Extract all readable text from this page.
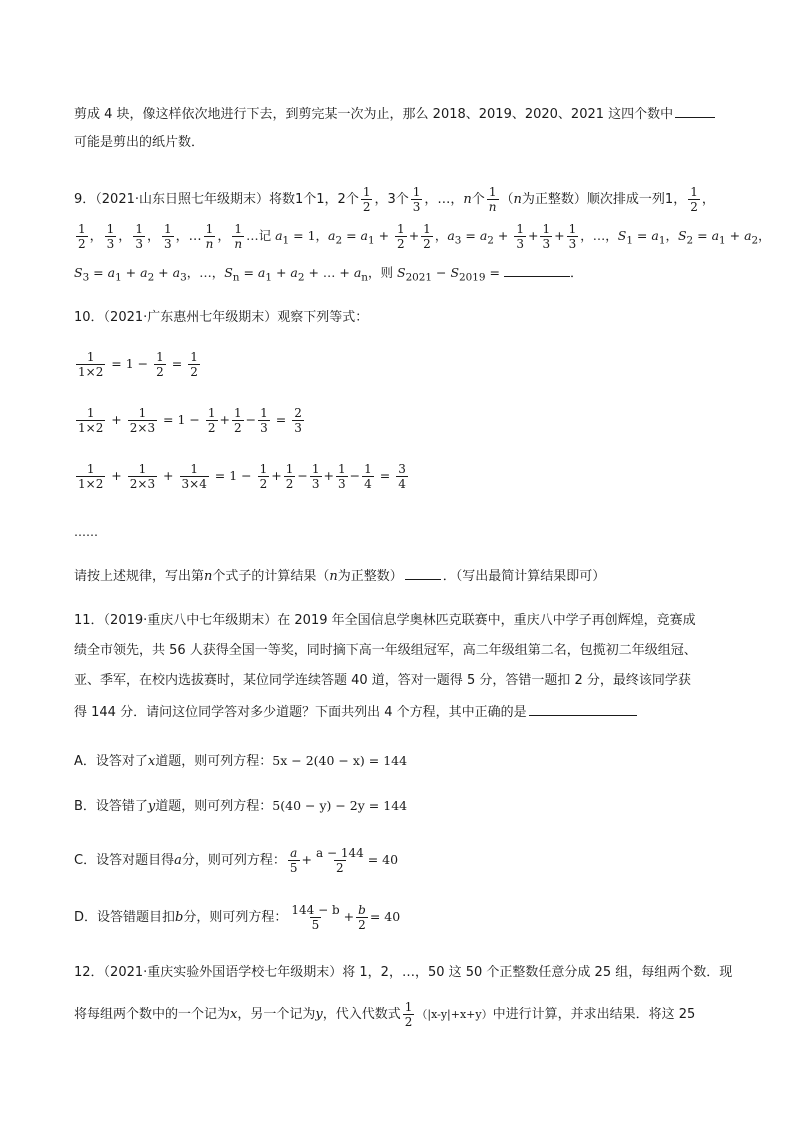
剪成 4 块，像这样依次地进行下去，到剪完某一次为止，那么 2018、2019、2020、2021 这四个数中
可能是剪出的纸片数．
9．（2021·山东日照七年级期末）将数1个1，2个 $\frac{1}{2}$ ，3个 $\frac{1}{3}$ ，…，n个 $\frac{1}{n} (n$为正整数）顺次排成一列1， $\frac{1}{2}$ ，
$\frac{1}{2}$ ， $\frac{1}{3}$ ， $\frac{1}{3}$ ， $\frac{1}{3}$ ，… $\frac{1}{n}$ ， $\frac{1}{n}$ …记 $a_1 = 1$，$a_2 = a_1 + \frac{1}{2} + \frac{1}{2}$ ，$a_3 = a_2 + \frac{1}{3} + \frac{1}{3} + \frac{1}{3}$ ，…，$S_1 = a_1$，$S_2 = a_1 + a_2$，
$S_3 = a_1 + a_2 + a_3$，…，$S_n = a_1 + a_2$ + … + $a_n$，则 $S_{2021} - S_{2019}$ =	．
10．（2021·广东惠州七年级期末）观察下列等式：
$\frac{1}{1\times 2} = 1 - \frac{1}{2} = \frac{1}{2}$
$\frac{1}{1\times 2} + \frac{1}{2\times 3} = 1 - \frac{1}{2} + \frac{1}{2} - \frac{1}{3} = \frac{2}{3}$
$\frac{1}{1\times 2} + \frac{1}{2\times 3} + \frac{1}{3\times 4} = 1 - \frac{1}{2} + \frac{1}{2} - \frac{1}{3} + \frac{1}{3} - \frac{1}{4} = \frac{3}{4}$
……
请按上述规律，写出第n个式子的计算结果（n为正整数）	．（写出最简计算结果即可）
11．（2019·重庆八中七年级期末）在 2019 年全国信息学奥林匹克联赛中，重庆八中学子再创辉煌，竞赛成
绩全市领先，共 56 人获得全国一等奖，同时摘下高一年级组冠军，高二年级组第二名，包揽初二年级组冠、
亚、季军，在校内选拔赛时，某位同学连续答题 40 道，答对一题得 5 分，答错一题扣 2 分，最终该同学获
得 144 分．请问这位同学答对多少道题？下面共列出 4 个方程，其中正确的是
A．设答对了x道题，则可列方程：5x − 2(40 − x) = 144
B．设答错了y道题，则可列方程：5(40 − y) − 2y = 144
C．设答对题目得a分，则可列方程： $\frac{a}{5} + \frac{a - 144}{2} = 40$
D．设答错题目扣b分，则可列方程： $\frac{144 - b}{5} + \frac{b}{2} = 40$
12．（2021·重庆实验外国语学校七年级期末）将 1，2，…，50 这 50 个正整数任意分成 25 组，每组两个数．现
将每组两个数中的一个记为x，另一个记为y，代入代数式 $\frac{1}{2} (|x-y|+x+y)$中进行计算，并求出结果．将这 25
